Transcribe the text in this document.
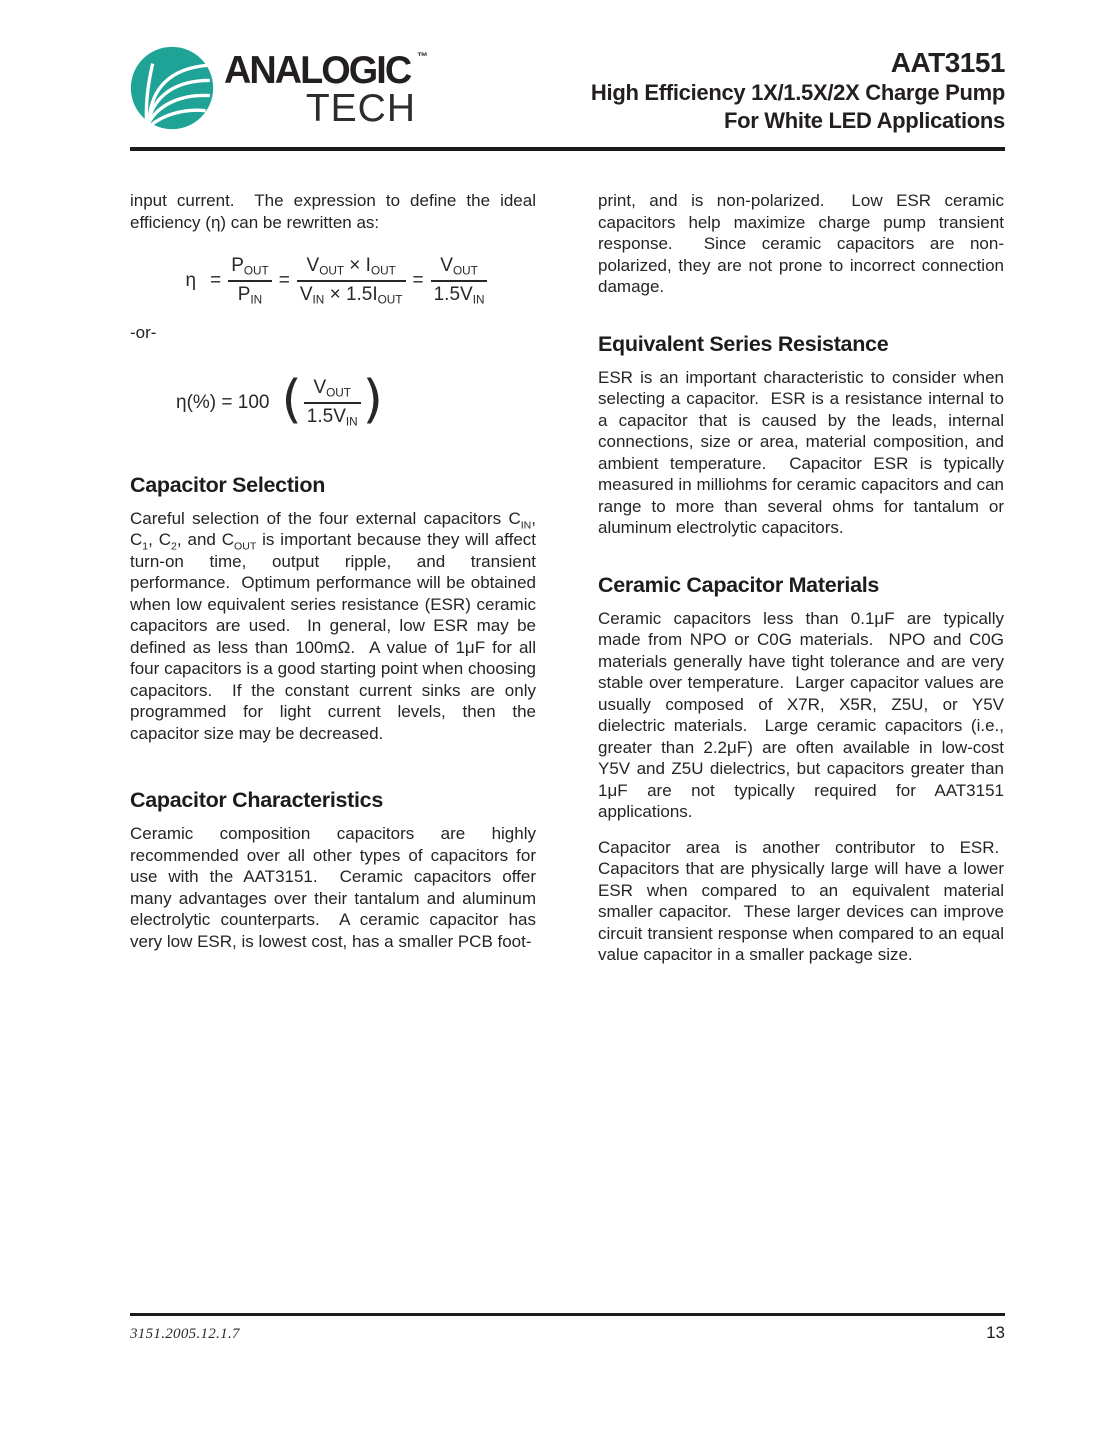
ANALOGIC ™
TECH
AAT3151
High Efficiency 1X/1.5X/2X Charge Pump
For White LED Applications

input current.  The expression to define the ideal efficiency (η) can be rewritten as:

$\eta = \frac{P_{OUT}}{P_{IN}} = \frac{V_{OUT} \times I_{OUT}}{V_{IN} \times 1.5I_{OUT}} = \frac{V_{OUT}}{1.5V_{IN}}$

-or-

η(%) = 100 ( $\frac{V_{OUT}}{1.5V_{IN}}$ )
Capacitor Selection

Careful selection of the four external capacitors $C_{IN}$, $C_1$, $C_2$, and $C_{OUT}$ is important because they will affect turn-on time, output ripple, and transient performance.  Optimum performance will be obtained when low equivalent series resistance (ESR) ceramic capacitors are used.  In general, low ESR may be defined as less than 100mΩ.  A value of 1μF for all four capacitors is a good starting point when choosing capacitors.  If the constant current sinks are only programmed for light current levels, then the capacitor size may be decreased.

Capacitor Characteristics

Ceramic composition capacitors are highly recommended over all other types of capacitors for use with the AAT3151.  Ceramic capacitors offer many advantages over their tantalum and aluminum electrolytic counterparts.  A ceramic capacitor has very low ESR, is lowest cost, has a smaller PCB foot-

print, and is non-polarized.  Low ESR ceramic capacitors help maximize charge pump transient response.  Since ceramic capacitors are non-polarized, they are not prone to incorrect connection damage.

Equivalent Series Resistance

ESR is an important characteristic to consider when selecting a capacitor.  ESR is a resistance internal to a capacitor that is caused by the leads, internal connections, size or area, material composition, and ambient temperature.  Capacitor ESR is typically measured in milliohms for ceramic capacitors and can range to more than several ohms for tantalum or aluminum electrolytic capacitors.

Ceramic Capacitor Materials

Ceramic capacitors less than 0.1μF are typically made from NPO or C0G materials.  NPO and C0G materials generally have tight tolerance and are very stable over temperature.  Larger capacitor values are usually composed of X7R, X5R, Z5U, or Y5V dielectric materials.  Large ceramic capacitors (i.e., greater than 2.2μF) are often available in low-cost Y5V and Z5U dielectrics, but capacitors greater than 1μF are not typically required for AAT3151 applications.

Capacitor area is another contributor to ESR.  Capacitors that are physically large will have a lower ESR when compared to an equivalent material smaller capacitor.  These larger devices can improve circuit transient response when compared to an equal value capacitor in a smaller package size.

3151.2005.12.1.7	13
